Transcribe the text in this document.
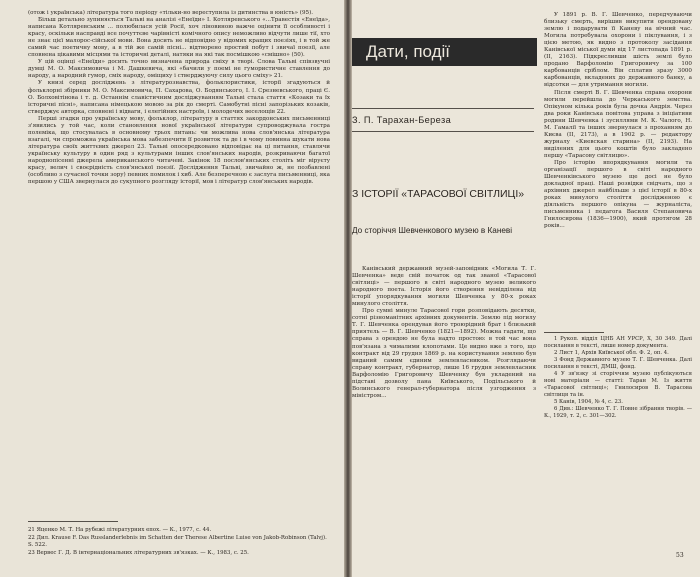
(отож і українська) література того періоду «тільки-но вереступила із дитинства в юність» (95).

Більш детально зупиняється Тальві на аналізі «Енеїди» І. Котляревського «...Травестія «Енеїда», написана Котляревським ... полюбилася усій Росії, хоч ліновиною важче оцінити її особливості і красу, оскільки насправді все почуттєве чарівністі комічного опису неможливо відчути лише тії, хто не знає цієї малорос-сійської мови. Вона досить не відповідно у відомих кращих поезіях, і в той же самий час поетичну мову, а в тій же самій пісні... відтворено простий побут і звичаї поезії, але сповнена цікавими місцями та історичні деталі, натяки на які так посмішкою «смішно» (50).

У цій оцінці «Енеїди» досить точно визначена природа сміху в творі. Слова Тальві співзвучні думці М. О. Максимовича і М. Дашкевича, які «бачили у поемі не гумористичне ставлення до народу, а народний гумор, сміх народу, оміщиху і стверджуючу силу цього сміху» 21.

У книзі серед досліджень з літературознавства, фольклористики, історії згадуються й фольклорні збірники М. О. Максимовича, П. Сахарова, О. Бодянського, І. І. Срезневського, праці Є. О. Болховітінова і т. д. Останнім славістичним досліджуванням Тальві стала стаття «Козаки та їх історичні пісні», написана німецькою мовою за рік до смерті. Самобутні пісні запорізьких козаків, стверджує авторка, сповнені і відваги, і елегійних настроїв, і молодечих веселощів 22.

Перші згадки про українську мову, фольклор, літературу в статтях закордонських письменниці з'явились у той час, коли становлення нової української літератури супроводжувала гостра полеміка, що стосувалась в основному трьох питань: чи можлива нова слов'янська література взагалі, чи спроможна українська мова забезпечити її розвиток та де і в чому повинна шукати нова література своїх життєвих джерел 23. Тальві опосередковано відповідає на ці питання, ставлячи українську культуру в один ряд з культурами інших слов'янських народів, розкриваючи багатої народнопісенні джерела американського читачеві. Закінок 18 послов'янських століть міг віруєту красу, велич і своєрідність слов'янської поезії. Дослідження Тальві, звичайно ж, не позбавлені (особливо з сучасної точки зору) певних помилок і хиб. Але безперечною є заслуга письменниці, яка першою у США звернулася до сукупного розгляду історії, мов і літератур слов'янських народів.

21 Яценко М. Т. На рубежі літературних епох. — К., 1977, с. 44.
22 Дил. Krause F. Das Russlanderlebnis im Schatten der Therese Albertine Luise von Jakob-Robinson (Talvj). S. 522.
23 Вервес Г. Д. В інтернаціональних літературних зв'язках. — К., 1983, с. 25.
Дати, події
З. П. Тарахан-Береза
З ІСТОРІЇ «ТАРАСОВОЇ СВІТЛИЦІ»
До сторіччя Шевченкового музею в Каневі

Канівський державний музей-заповідник «Могила Т. Г. Шевченка» веде свій початок од так званої «Тарасової світлиці» — першого в світі народного музею великого народного поета. Історія його створення невідділена від історії упорядкування могили Шевченка у 80-х роках минулого століття.

Про сумні минуле Тарасової гори розповідають десятки, сотні різноманітних архівних документів. Землю під могилу Т. Г. Шевченка орендував його троюрідний брат і близький приятель — В. Г. Шевченко (1821—1892). Можна гадати, що справа з орендою не була надто простою: в той час вона пов'язана з чималими клопотами. Це видно вже з того, що контракт від 29 грудня 1869 р. на користування землею був виданий самим єдиним землевласником. Розглядаючи справу контракт, губернатор, лише 16 грудня землевласник Варфоломію Григоровичу Шевченку був укладений на підставі дозволу пана Київського, Подільського й Волинського генерал-губернатора після узгодження з міністром...

У 1891 р. В. Г. Шевченко, передчуваючи близьку смерть, вирішив викупити орендовану землю і подарувати її Каневу на вічний час. Могила потребувала охорони і піклування, і з цією метою, як видно з протоколу засідання Канівської міської думи від 17 листопада 1891 р. (II, 2163). Підкресливши шість землі було продано Варфоломію Григоровичу за 100 карбованців сріблом. Він сплатив зразу 3000 карбованців, вкладених до державного банку, а відсотки — для утримання могили.

Після смерті В. Г. Шевченка справа охорони могили перейшла до Черкаського земства. Опікуном кілька років була дочка Андрія. Через два роки Канівська повітова управа з ініціативи родини Шевченка і зусиллями М. К. Чалого, Н. М. Гамалії та інших звернулася з проханням до Києва (II, 2173), а в 1902 р. — редактору журналу «Киевская старина» (II, 2193). На виділених для цього коштів було закладено першу «Тарасову світлицю».

Про історію впорядкування могили та організації першого в світі народного Шевченківського музею ще досі не було докладної праці. Наші розвідки свідчать, що з архівних джерел найбільше з цієї історії в 80-х роках минулого століття дослідженою є діяльність першого опікуна — журналіста, письменника і педагога Василя Степановича Гнилосирова (1836—1900), який протягом 28 років...

1 Рукоп. відділ ЦНБ АН УРСР, Х, 30 349. Далі посилання в тексті, лише номер документа.

2 Лист 1, Архів Київської обл. Ф. 2, оп. 4.

3 Фонд Державного музею Т. Г. Шевченка. Далі посилання в тексті, ДМШ, фонд.

4 У зв'язку зі сторіччям музею публікуються нові матеріали — статті: Таран М. Із життя «Тарасової світлиці»; Гнилосиров В. Тарасова світлиця та ін.

5 Канів, 1904, № 4, с. 23.

6 Див.: Шевченко Т. Г. Повне зібрання творів. — К., 1929, т. 2, с. 301—302.

53
